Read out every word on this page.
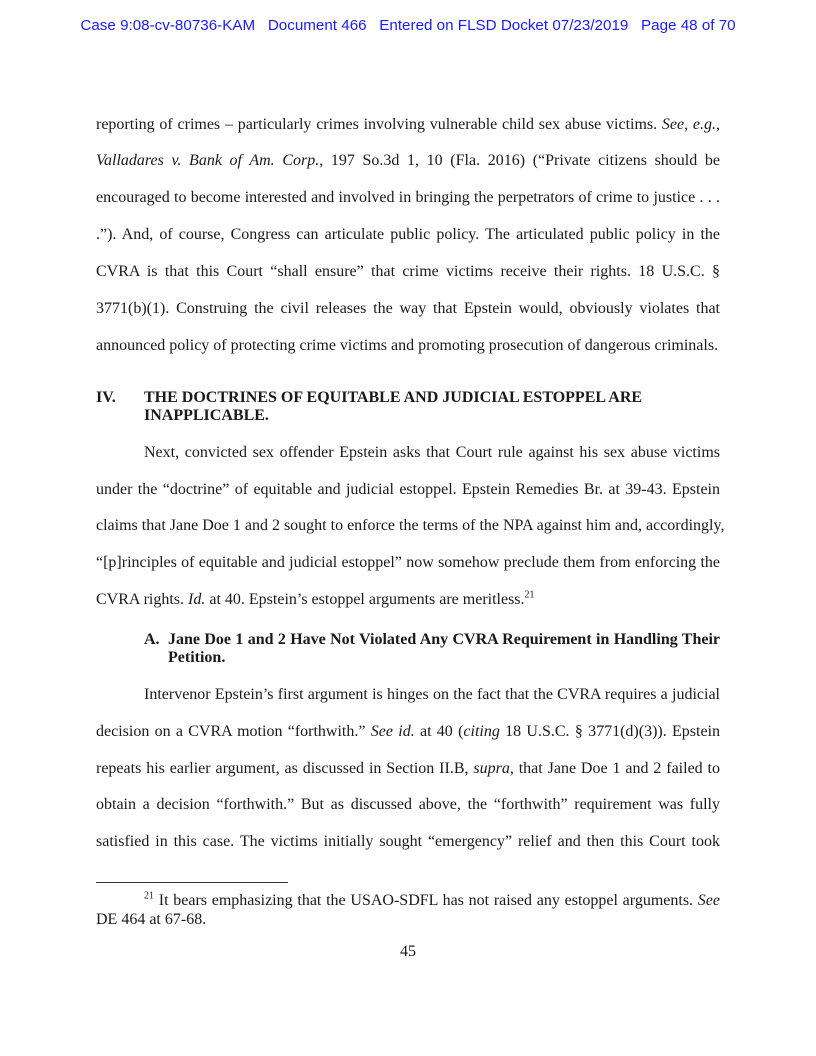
Case 9:08-cv-80736-KAM Document 466 Entered on FLSD Docket 07/23/2019 Page 48 of 70
reporting of crimes – particularly crimes involving vulnerable child sex abuse victims. See, e.g.,
Valladares v. Bank of Am. Corp., 197 So.3d 1, 10 (Fla. 2016) (“Private citizens should be
encouraged to become interested and involved in bringing the perpetrators of crime to justice . . .
.”). And, of course, Congress can articulate public policy. The articulated public policy in the
CVRA is that this Court “shall ensure” that crime victims receive their rights. 18 U.S.C. §
3771(b)(1). Construing the civil releases the way that Epstein would, obviously violates that
announced policy of protecting crime victims and promoting prosecution of dangerous criminals.
IV.	THE DOCTRINES OF EQUITABLE AND JUDICIAL ESTOPPEL ARE
INAPPLICABLE.
Next, convicted sex offender Epstein asks that Court rule against his sex abuse victims
under the “doctrine” of equitable and judicial estoppel. Epstein Remedies Br. at 39-43. Epstein
claims that Jane Doe 1 and 2 sought to enforce the terms of the NPA against him and, accordingly,
“[p]rinciples of equitable and judicial estoppel” now somehow preclude them from enforcing the
CVRA rights. Id. at 40. Epstein’s estoppel arguments are meritless.$^{21}$
A. Jane Doe 1 and 2 Have Not Violated Any CVRA Requirement in Handling Their
Petition.
Intervenor Epstein’s first argument is hinges on the fact that the CVRA requires a judicial
decision on a CVRA motion “forthwith.” See id. at 40 (citing 18 U.S.C. § 3771(d)(3)). Epstein
repeats his earlier argument, as discussed in Section II.B, supra, that Jane Doe 1 and 2 failed to
obtain a decision “forthwith.” But as discussed above, the “forthwith” requirement was fully
satisfied in this case. The victims initially sought “emergency” relief and then this Court took
$^{21}$ It bears emphasizing that the USAO-SDFL has not raised any estoppel arguments. See
DE 464 at 67-68.
45
